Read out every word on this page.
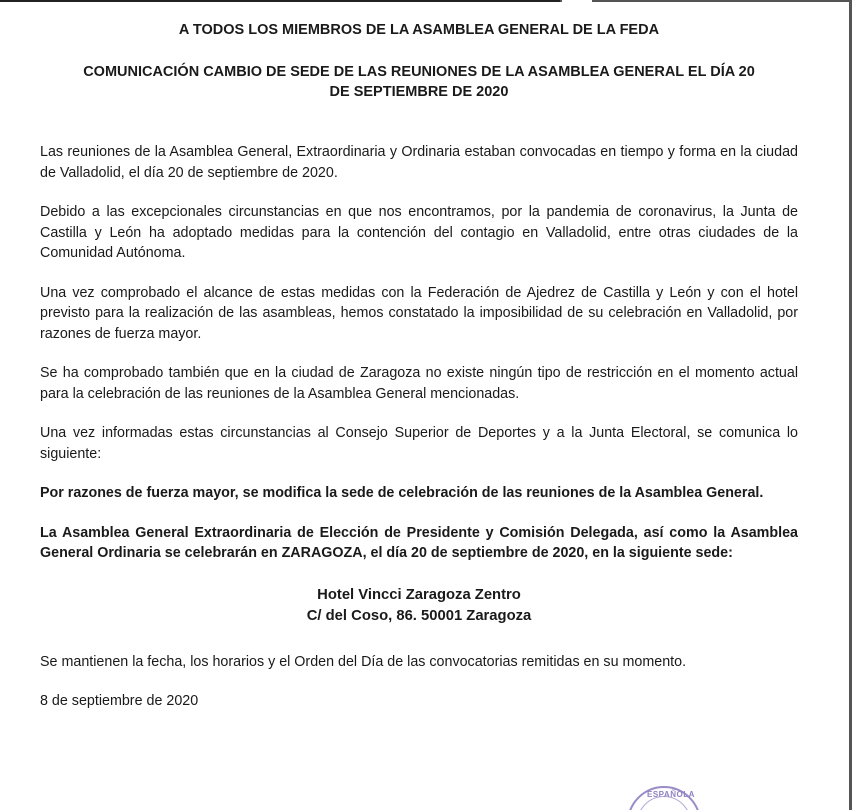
A TODOS LOS MIEMBROS DE LA ASAMBLEA GENERAL DE LA FEDA

COMUNICACIÓN CAMBIO DE SEDE DE LAS REUNIONES DE LA ASAMBLEA GENERAL EL DÍA 20

DE SEPTIEMBRE DE 2020

Las reuniones de la Asamblea General, Extraordinaria y Ordinaria estaban convocadas en tiempo y forma en la ciudad de Valladolid, el día 20 de septiembre de 2020.

Debido a las excepcionales circunstancias en que nos encontramos, por la pandemia de coronavirus, la Junta de Castilla y León ha adoptado medidas para la contención del contagio en Valladolid, entre otras ciudades de la Comunidad Autónoma.

Una vez comprobado el alcance de estas medidas con la Federación de Ajedrez de Castilla y León y con el hotel previsto para la realización de las asambleas, hemos constatado la imposibilidad de su celebración en Valladolid, por razones de fuerza mayor.

Se ha comprobado también que en la ciudad de Zaragoza no existe ningún tipo de restricción en el momento actual para la celebración de las reuniones de la Asamblea General mencionadas.

Una vez informadas estas circunstancias al Consejo Superior de Deportes y a la Junta Electoral, se comunica lo siguiente:

Por razones de fuerza mayor, se modifica la sede de celebración de las reuniones de la Asamblea General.

La Asamblea General Extraordinaria de Elección de Presidente y Comisión Delegada, así como la Asamblea General Ordinaria se celebrarán en ZARAGOZA, el día 20 de septiembre de 2020, en la siguiente sede:

Hotel Vincci Zaragoza Zentro
C/ del Coso, 86. 50001 Zaragoza

Se mantienen la fecha, los horarios y el Orden del Día de las convocatorias remitidas en su momento.

8 de septiembre de 2020

ESPAÑOLA
